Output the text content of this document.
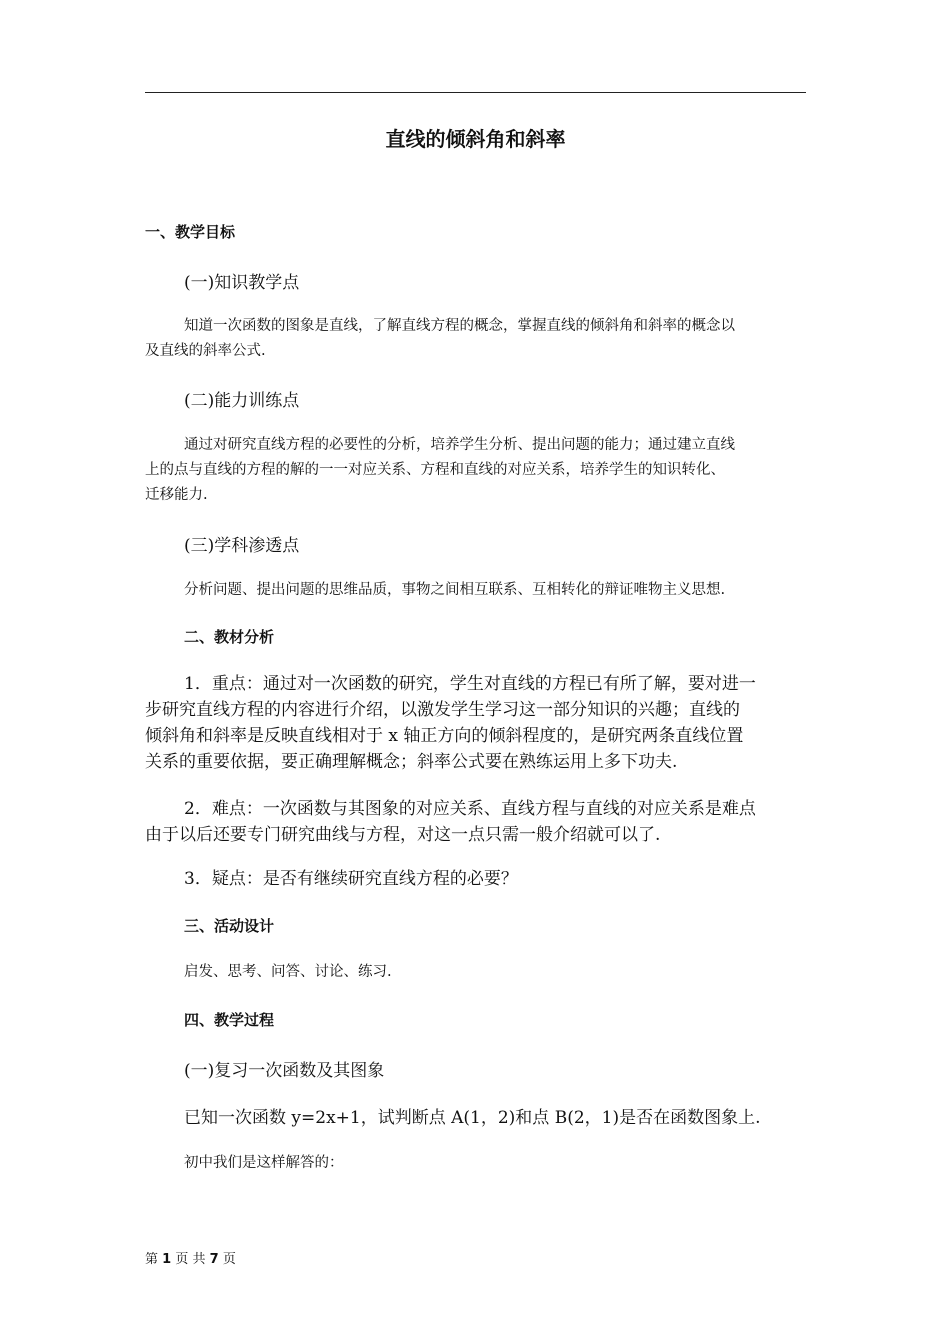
直线的倾斜角和斜率
一、教学目标
(一)知识教学点
知道一次函数的图象是直线，了解直线方程的概念，掌握直线的倾斜角和斜率的概念以
及直线的斜率公式.
(二)能力训练点
通过对研究直线方程的必要性的分析，培养学生分析、提出问题的能力；通过建立直线
上的点与直线的方程的解的一一对应关系、方程和直线的对应关系，培养学生的知识转化、
迁移能力.
(三)学科渗透点
分析问题、提出问题的思维品质，事物之间相互联系、互相转化的辩证唯物主义思想.
二、教材分析
1．重点：通过对一次函数的研究，学生对直线的方程已有所了解，要对进一
步研究直线方程的内容进行介绍，以激发学生学习这一部分知识的兴趣；直线的
倾斜角和斜率是反映直线相对于 x 轴正方向的倾斜程度的，是研究两条直线位置
关系的重要依据，要正确理解概念；斜率公式要在熟练运用上多下功夫.
2．难点：一次函数与其图象的对应关系、直线方程与直线的对应关系是难点
由于以后还要专门研究曲线与方程，对这一点只需一般介绍就可以了.
3．疑点：是否有继续研究直线方程的必要？
三、活动设计
启发、思考、问答、讨论、练习.
四、教学过程
(一)复习一次函数及其图象
已知一次函数 y=2x+1，试判断点 A(1，2)和点 B(2，1)是否在函数图象上.
初中我们是这样解答的：
第 1 页 共 7 页
